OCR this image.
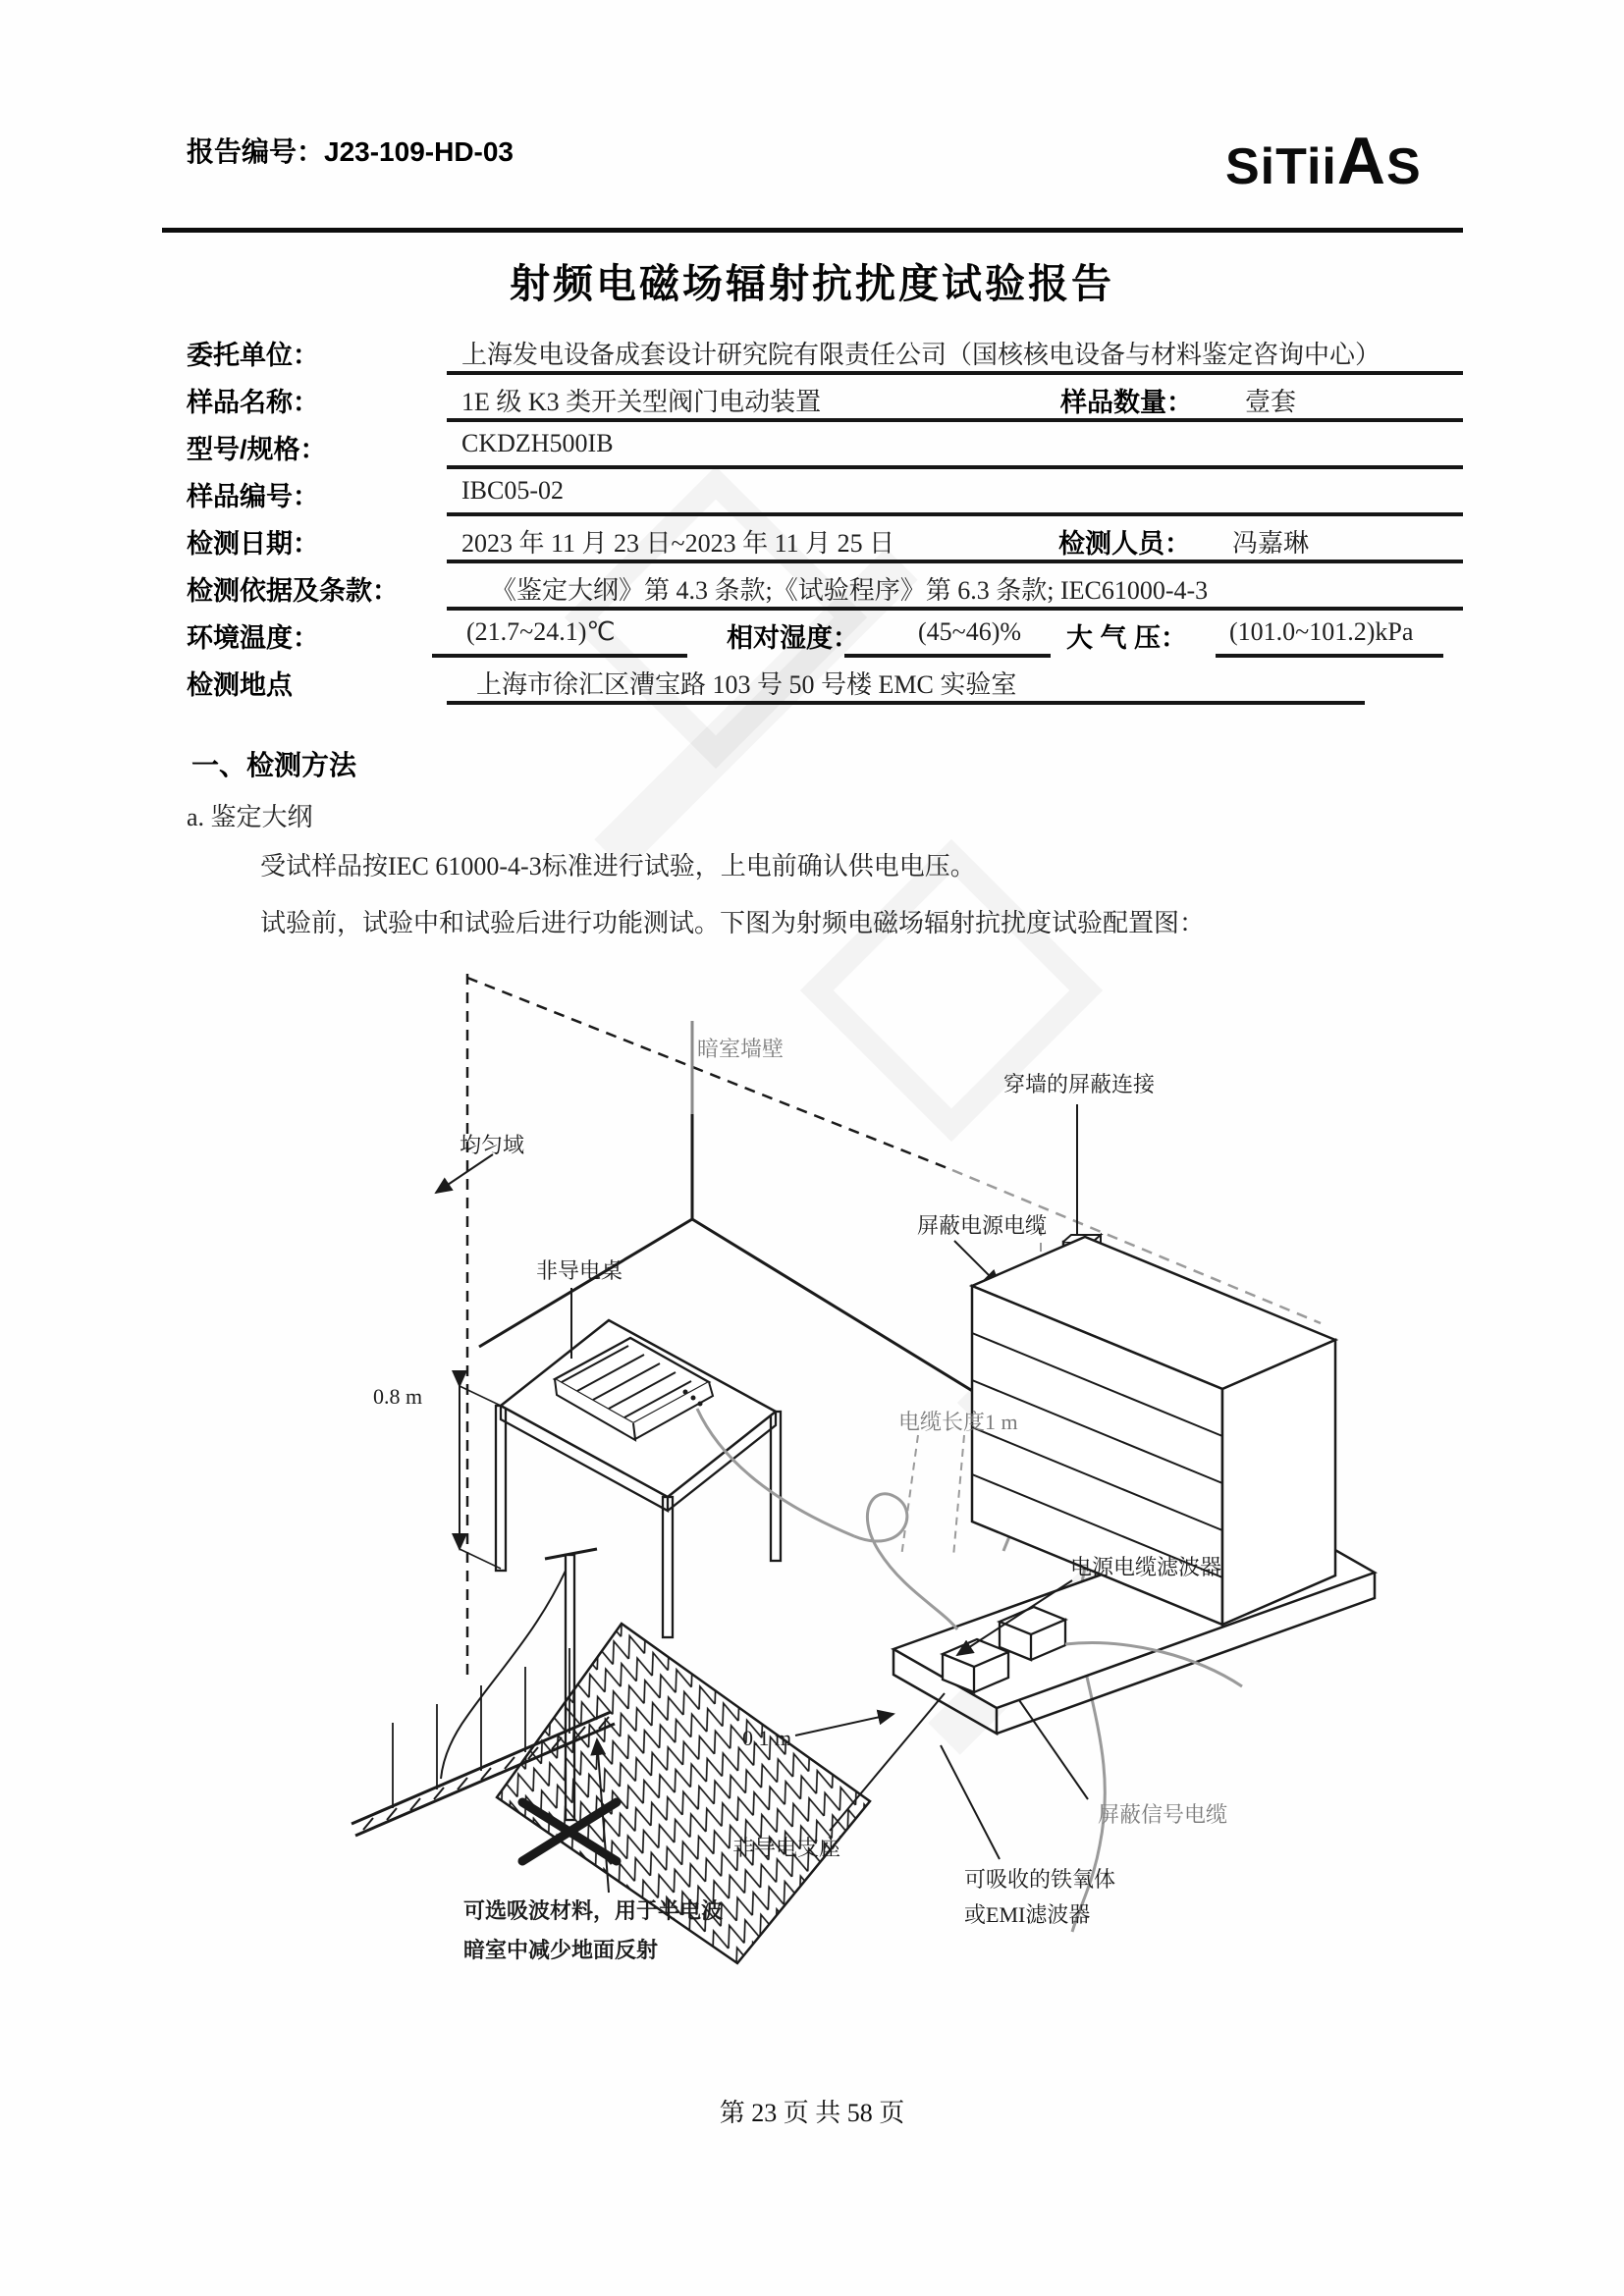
报告编号：J23-109-HD-03	SiTiiAS
射频电磁场辐射抗扰度试验报告
委托单位：	上海发电设备成套设计研究院有限责任公司（国核核电设备与材料鉴定咨询中心）
样品名称：	1E 级 K3 类开关型阀门电动装置	样品数量： 壹套
型号/规格：	CKDZH500IB
样品编号：	IBC05-02
检测日期：	2023 年 11 月 23 日~2023 年 11 月 25 日	检测人员： 冯嘉琳
检测依据及条款：	《鉴定大纲》第 4.3 条款;《试验程序》第 6.3 条款; IEC61000-4-3
环境温度：	(21.7~24.1)℃	相对湿度： (45~46)% 大 气 压： (101.0~101.2)kPa
检测地点	上海市徐汇区漕宝路 103 号 50 号楼 EMC 实验室
一、检测方法
a. 鉴定大纲
受试样品按IEC 61000-4-3标准进行试验，上电前确认供电电压。
试验前，试验中和试验后进行功能测试。下图为射频电磁场辐射抗扰度试验配置图：
暗室墙壁
穿墙的屏蔽连接
均匀域
非导电桌
屏蔽电源电缆
0.8 m
电缆长度1 m
电源电缆滤波器
0.1 m
非导电支座
屏蔽信号电缆
可吸收的铁氧体
或EMI滤波器
可选吸波材料，用于半电波
暗室中减少地面反射
第 23 页 共 58 页
